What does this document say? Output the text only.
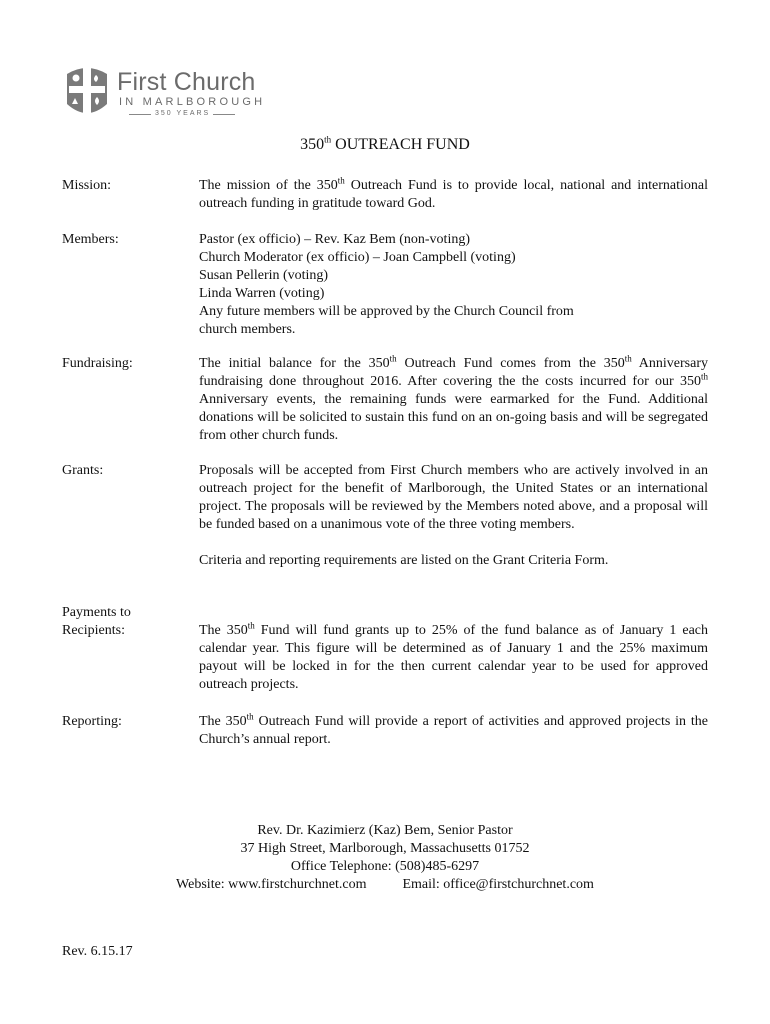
First Church
IN MARLBOROUGH
350 YEARS
350th OUTREACH FUND
Mission:	The mission of the 350th Outreach Fund is to provide local, national and international outreach funding in gratitude toward God.
Members:	Pastor (ex officio) – Rev. Kaz Bem (non-voting)
Church Moderator (ex officio) – Joan Campbell (voting)
Susan Pellerin (voting)
Linda Warren (voting)
Any future members will be approved by the Church Council from
church members.
Fundraising:	The initial balance for the 350th Outreach Fund comes from the 350th Anniversary fundraising done throughout 2016. After covering the the costs incurred for our 350th Anniversary events, the remaining funds were earmarked for the Fund. Additional donations will be solicited to sustain this fund on an on-going basis and will be segregated from other church funds.
Grants:	Proposals will be accepted from First Church members who are actively involved in an outreach project for the benefit of Marlborough, the United States or an international project. The proposals will be reviewed by the Members noted above, and a proposal will be funded based on a unanimous vote of the three voting members.

Criteria and reporting requirements are listed on the Grant Criteria Form.

Payments to
Recipients:	The 350th Fund will fund grants up to 25% of the fund balance as of January 1 each calendar year. This figure will be determined as of January 1 and the 25% maximum payout will be locked in for the then current calendar year to be used for approved outreach projects.
Reporting:	The 350th Outreach Fund will provide a report of activities and approved projects in the Church’s annual report.
Rev. Dr. Kazimierz (Kaz) Bem, Senior Pastor
37 High Street, Marlborough, Massachusetts 01752
Office Telephone: (508)485-6297
Website: www.firstchurchnet.com	Email: office@firstchurchnet.com
Rev. 6.15.17
